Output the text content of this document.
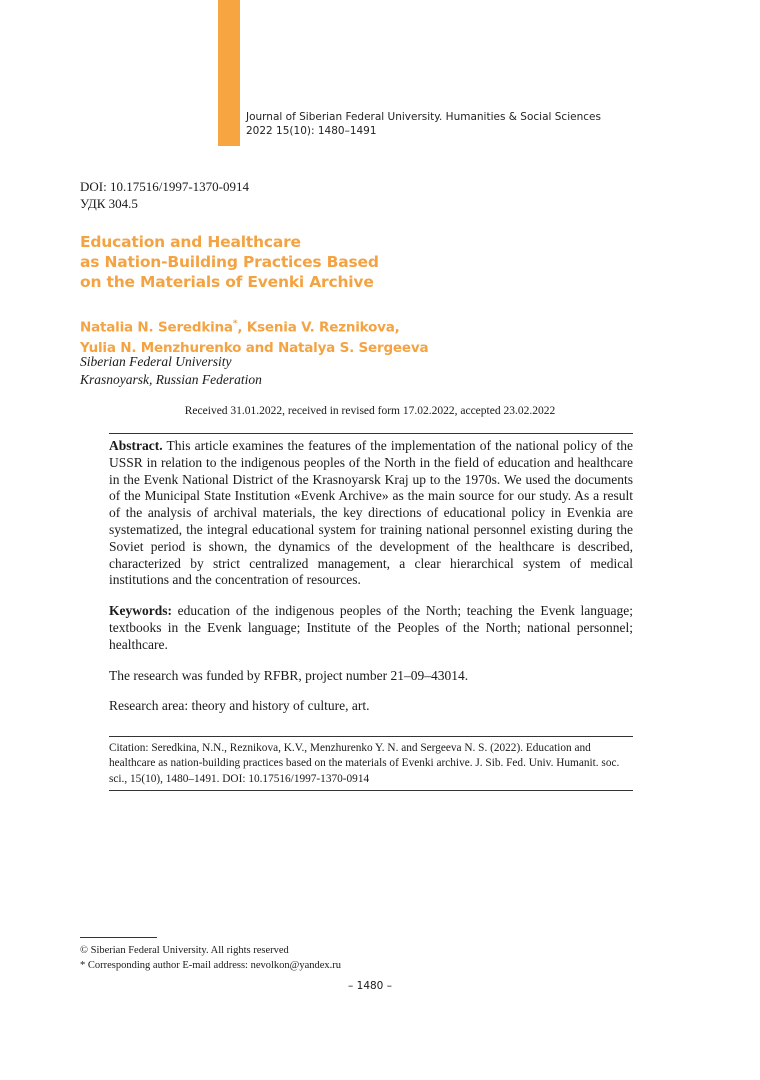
Journal of Siberian Federal University. Humanities & Social Sciences
2022 15(10): 1480–1491
DOI: 10.17516/1997-1370-0914
УДК 304.5
Education and Healthcare
as Nation-Building Practices Based
on the Materials of Evenki Archive
Natalia N. Seredkina*, Ksenia V. Reznikova,
Yulia N. Menzhurenko and Natalya S. Sergeeva
Siberian Federal University
Krasnoyarsk, Russian Federation
Received 31.01.2022, received in revised form 17.02.2022, accepted 23.02.2022

Abstract. This article examines the features of the implementation of the national policy of the USSR in relation to the indigenous peoples of the North in the field of education and healthcare in the Evenk National District of the Krasnoyarsk Kraj up to the 1970s. We used the documents of the Municipal State Institution «Evenk Archive» as the main source for our study. As a result of the analysis of archival materials, the key directions of educational policy in Evenkia are systematized, the integral educational system for training national personnel existing during the Soviet period is shown, the dynamics of the development of the healthcare is described, characterized by strict centralized management, a clear hierarchical system of medical institutions and the concentration of resources.

Keywords: education of the indigenous peoples of the North; teaching the Evenk language; textbooks in the Evenk language; Institute of the Peoples of the North; national personnel; healthcare.

The research was funded by RFBR, project number 21–09–43014.

Research area: theory and history of culture, art.

Citation: Seredkina, N.N., Reznikova, K.V., Menzhurenko Y. N. and Sergeeva N. S. (2022). Education and healthcare as nation-building practices based on the materials of Evenki archive. J. Sib. Fed. Univ. Humanit. soc. sci., 15(10), 1480–1491. DOI: 10.17516/1997-1370-0914
© Siberian Federal University. All rights reserved
* Corresponding author E-mail address: nevolkon@yandex.ru
– 1480 –
